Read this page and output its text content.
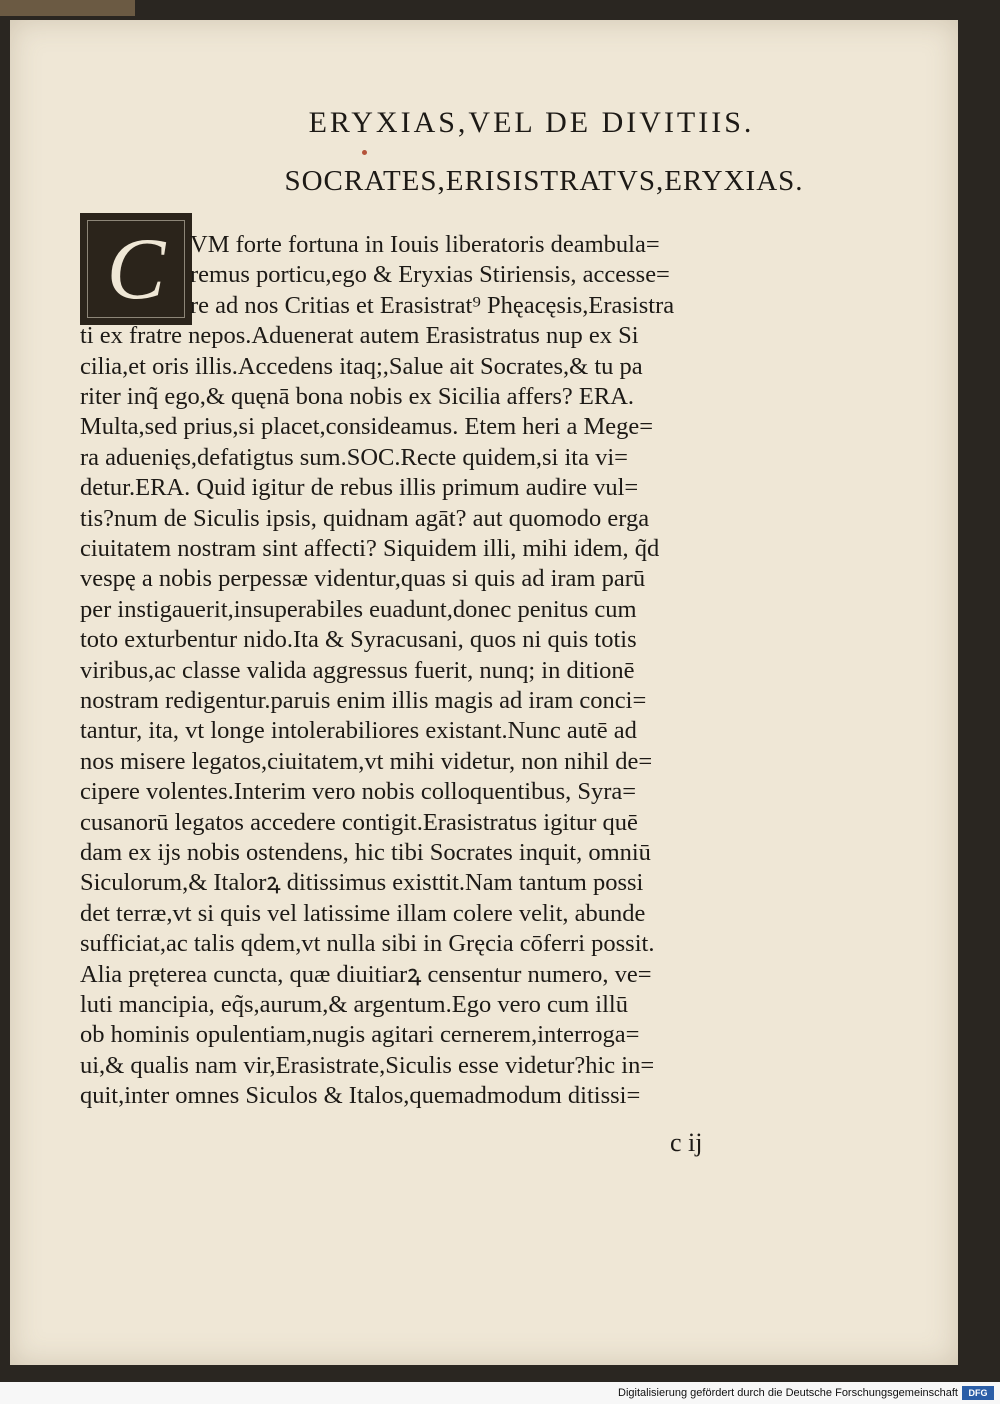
ERYXIAS,VEL DE DIVITIIS.
SOCRATES,ERISISTRATVS,ERYXIAS.
C	VM forte fortuna in Iouis liberatoris deambula=
remus porticu,ego & Eryxias Stiriensis, accesse=
re ad nos Critias et Erasistrat⁹ Phęacęsis,Erasistra
ti ex fratre nepos.Aduenerat autem Erasistratus nup ex Si
cilia,et oris illis.Accedens itaq;,Salue ait Socrates,& tu pa
riter inq̃ ego,& quęnā bona nobis ex Sicilia affers? ERA.
Multa,sed prius,si placet,consideamus. Etem heri a Mege=
ra aduenięs,defatigtus sum.SOC.Recte quidem,si ita vi=
detur.ERA. Quid igitur de rebus illis primum audire vul=
tis?num de Siculis ipsis, quidnam agāt? aut quomodo erga
ciuitatem nostram sint affecti? Siquidem illi, mihi idem, q̃d
vespę a nobis perpessæ videntur,quas si quis ad iram parū
per instigauerit,insuperabiles euadunt,donec penitus cum
toto exturbentur nido.Ita & Syracusani, quos ni quis totis
viribus,ac classe valida aggressus fuerit, nunq; in ditionē
nostram redigentur.paruis enim illis magis ad iram conci=
tantur, ita, vt longe intolerabiliores existant.Nunc autē ad
nos misere legatos,ciuitatem,vt mihi videtur, non nihil de=
cipere volentes.Interim vero nobis colloquentibus, Syra=
cusanorū legatos accedere contigit.Erasistratus igitur quē
dam ex ijs nobis ostendens, hic tibi Socrates inquit, omniū
Siculorum,& Italorꝝ ditissimus existtit.Nam tantum possi
det terræ,vt si quis vel latissime illam colere velit, abunde
sufficiat,ac talis qdem,vt nulla sibi in Gręcia cōferri possit.
Alia pręterea cuncta, quæ diuitiarꝝ censentur numero, ve=
luti mancipia, eq̃s,aurum,& argentum.Ego vero cum illū
ob hominis opulentiam,nugis agitari cernerem,interroga=
ui,& qualis nam vir,Erasistrate,Siculis esse videtur?hic in=
quit,inter omnes Siculos & Italos,quemadmodum ditissi=
c ij
Digitalisierung gefördert durch die Deutsche Forschungsgemeinschaft	DFG
